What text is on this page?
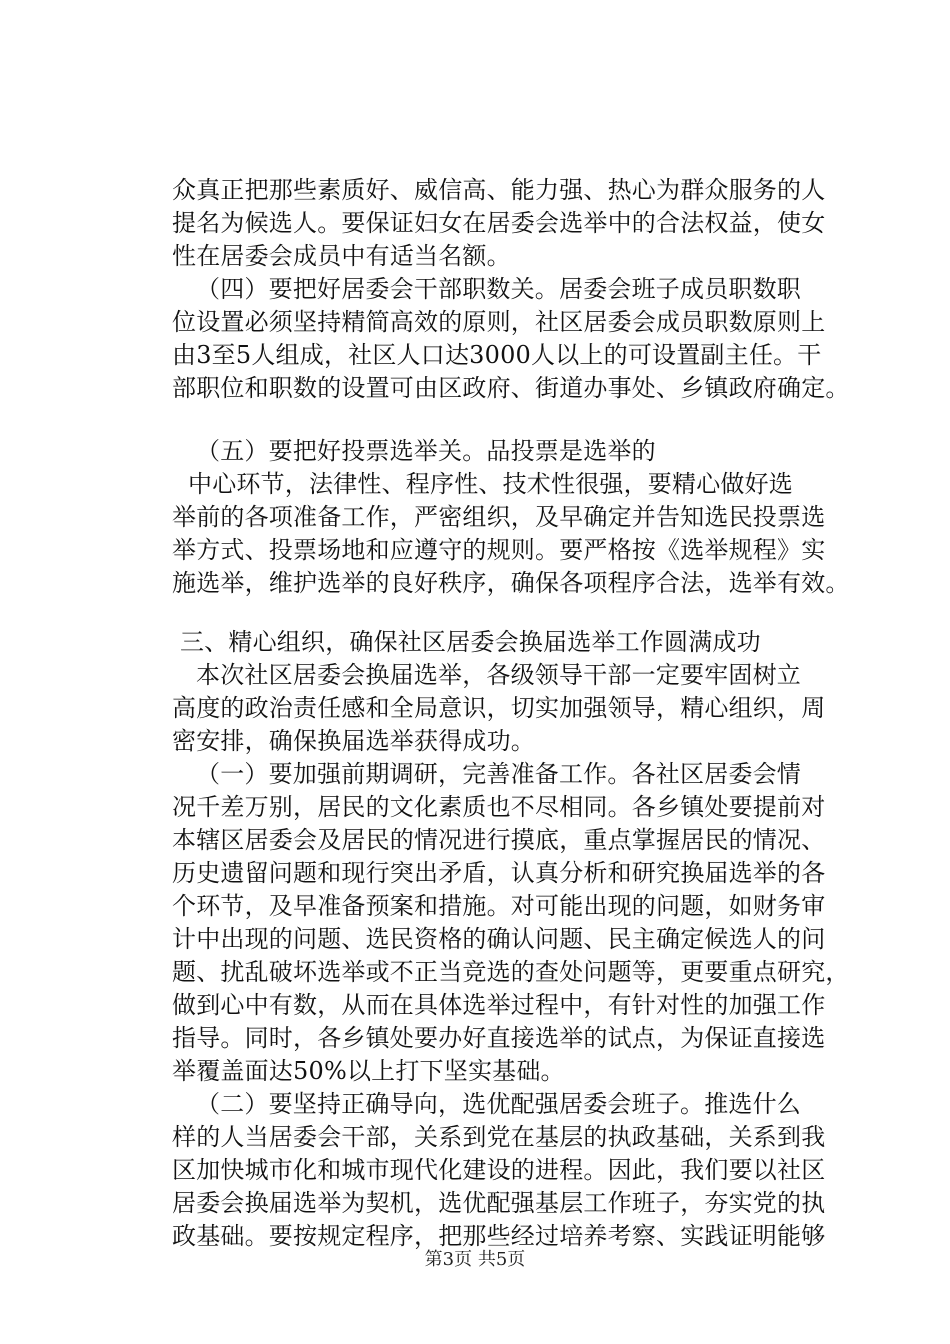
众真正把那些素质好、威信高、能力强、热心为群众服务的人
提名为候选人。要保证妇女在居委会选举中的合法权益，使女
性在居委会成员中有适当名额。
（四）要把好居委会干部职数关。居委会班子成员职数职
位设置必须坚持精简高效的原则，社区居委会成员职数原则上
由3至5人组成，社区人口达3000人以上的可设置副主任。干
部职位和职数的设置可由区政府、街道办事处、乡镇政府确定。
（五）要把好投票选举关。品投票是选举的
中心环节，法律性、程序性、技术性很强，要精心做好选
举前的各项准备工作，严密组织，及早确定并告知选民投票选
举方式、投票场地和应遵守的规则。要严格按《选举规程》实
施选举，维护选举的良好秩序，确保各项程序合法，选举有效。
三、精心组织，确保社区居委会换届选举工作圆满成功
本次社区居委会换届选举，各级领导干部一定要牢固树立
高度的政治责任感和全局意识，切实加强领导，精心组织，周
密安排，确保换届选举获得成功。
（一）要加强前期调研，完善准备工作。各社区居委会情
况千差万别，居民的文化素质也不尽相同。各乡镇处要提前对
本辖区居委会及居民的情况进行摸底，重点掌握居民的情况、
历史遗留问题和现行突出矛盾，认真分析和研究换届选举的各
个环节，及早准备预案和措施。对可能出现的问题，如财务审
计中出现的问题、选民资格的确认问题、民主确定候选人的问
题、扰乱破坏选举或不正当竞选的查处问题等，更要重点研究，
做到心中有数，从而在具体选举过程中，有针对性的加强工作
指导。同时，各乡镇处要办好直接选举的试点，为保证直接选
举覆盖面达50%以上打下坚实基础。
（二）要坚持正确导向，选优配强居委会班子。推选什么
样的人当居委会干部，关系到党在基层的执政基础，关系到我
区加快城市化和城市现代化建设的进程。因此，我们要以社区
居委会换届选举为契机，选优配强基层工作班子，夯实党的执
政基础。要按规定程序，把那些经过培养考察、实践证明能够
第3页 共5页
